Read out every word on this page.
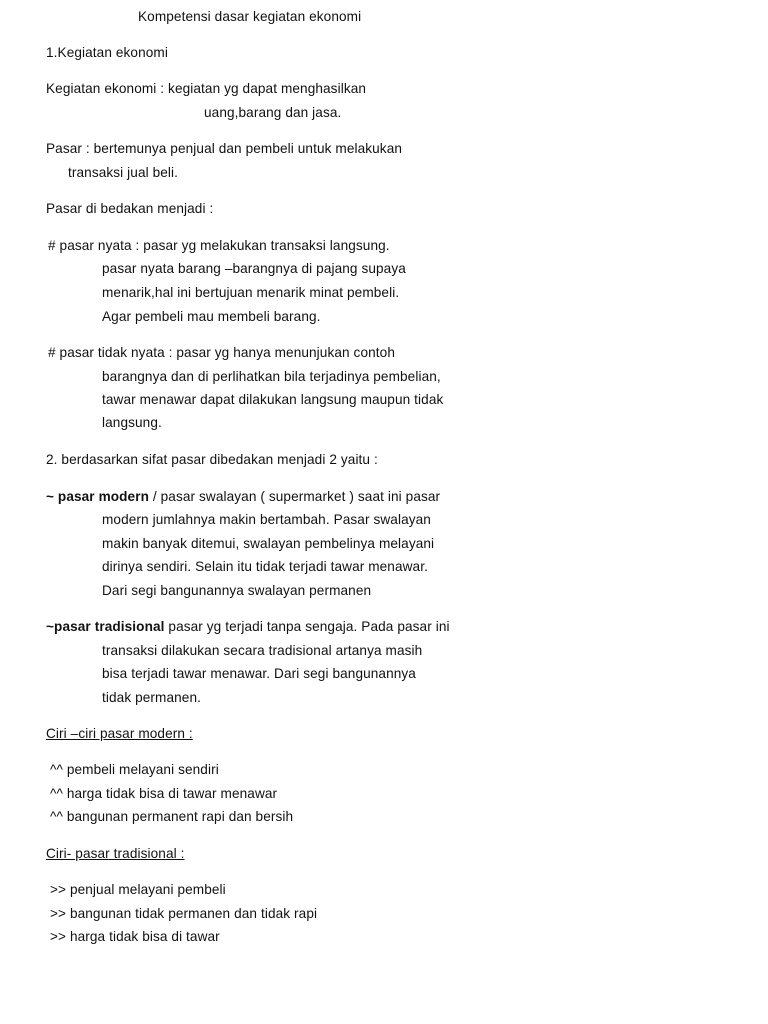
Kompetensi dasar kegiatan ekonomi
1.Kegiatan ekonomi
Kegiatan ekonomi : kegiatan yg dapat menghasilkan
uang,barang dan jasa.
Pasar : bertemunya penjual dan pembeli untuk melakukan
transaksi jual beli.
Pasar di bedakan menjadi :
# pasar nyata : pasar yg melakukan transaksi langsung.
pasar nyata barang –barangnya di pajang supaya
menarik,hal ini bertujuan menarik minat pembeli.
Agar pembeli mau membeli barang.
# pasar tidak nyata : pasar yg hanya menunjukan contoh
barangnya dan di perlihatkan bila terjadinya pembelian,
tawar menawar dapat dilakukan langsung maupun tidak
langsung.
2. berdasarkan sifat pasar dibedakan menjadi 2 yaitu :
~ pasar modern / pasar swalayan ( supermarket ) saat ini pasar
modern jumlahnya makin bertambah. Pasar swalayan
makin banyak ditemui, swalayan pembelinya melayani
dirinya sendiri. Selain itu tidak terjadi tawar menawar.
Dari segi bangunannya swalayan permanen
~pasar tradisional pasar yg terjadi tanpa sengaja. Pada pasar ini
transaksi dilakukan secara tradisional artanya masih
bisa terjadi tawar menawar. Dari segi bangunannya
tidak permanen.
Ciri –ciri pasar modern :
^^ pembeli melayani sendiri
^^ harga tidak bisa di tawar menawar
^^ bangunan permanent rapi dan bersih
Ciri- pasar tradisional :
>> penjual melayani pembeli
>> bangunan tidak permanen dan tidak rapi
>> harga tidak bisa di tawar
